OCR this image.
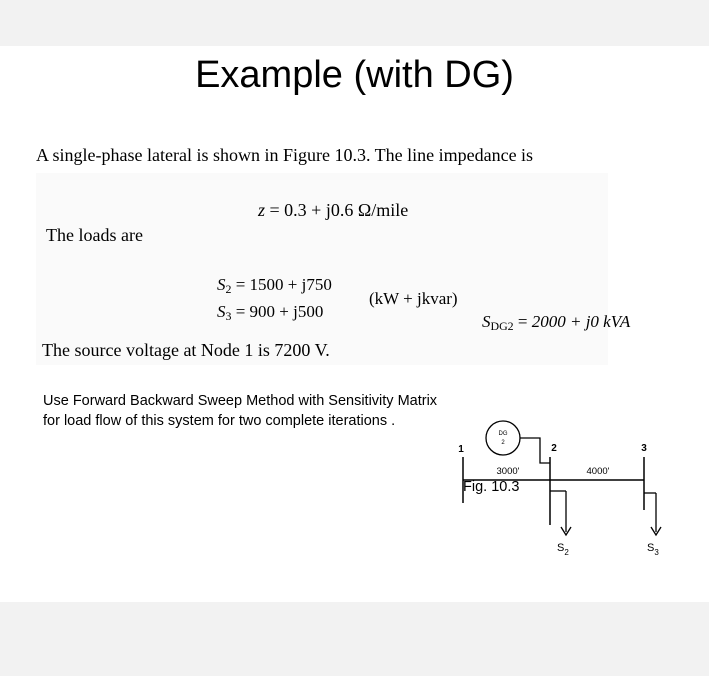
Example (with DG)
A single-phase lateral is shown in Figure 10.3. The line impedance is
z = 0.3 + j0.6 Ω/mile
The loads are
$S_2 = 1500 + j750$
$S_3 = 900 + j500$
(kW + jkvar)
$S_{DG2} = 2000 + j0$ kVA
The source voltage at Node 1 is 7200 V.
Use Forward Backward Sweep Method with Sensitivity Matrix for load flow of this system for two complete iterations .
DG
2
1	2	3
3000'	4000'
$S_2$	$S_3$
Fig. 10.3
